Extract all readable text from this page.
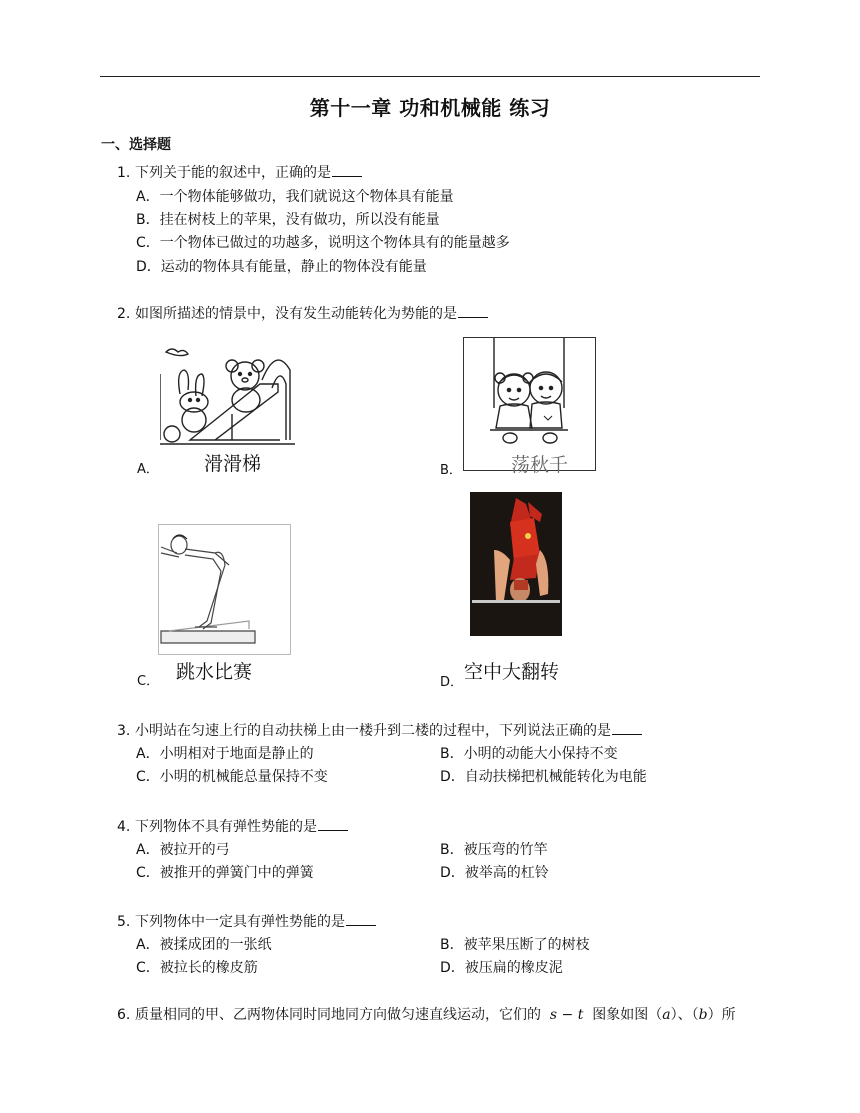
第十一章 功和机械能 练习
一、选择题
1. 下列关于能的叙述中，正确的是
A．一个物体能够做功，我们就说这个物体具有能量
B．挂在树枝上的苹果，没有做功，所以没有能量
C．一个物体已做过的功越多，说明这个物体具有的能量越多
D．运动的物体具有能量，静止的物体没有能量
2. 如图所描述的情景中，没有发生动能转化为势能的是
滑滑梯
A．	荡秋千
B．
跳水比赛
C．	空中大翻转
D．
3. 小明站在匀速上行的自动扶梯上由一楼升到二楼的过程中，下列说法正确的是
A．小明相对于地面是静止的	B．小明的动能大小保持不变
C．小明的机械能总量保持不变	D．自动扶梯把机械能转化为电能
4. 下列物体不具有弹性势能的是
A．被拉开的弓	B．被压弯的竹竿
C．被推开的弹簧门中的弹簧	D．被举高的杠铃
5. 下列物体中一定具有弹性势能的是
A．被揉成团的一张纸	B．被苹果压断了的树枝
C．被拉长的橡皮筋	D．被压扁的橡皮泥
6. 质量相同的甲、乙两物体同时同地同方向做匀速直线运动，它们的 s − t 图象如图（a）、（b）所
